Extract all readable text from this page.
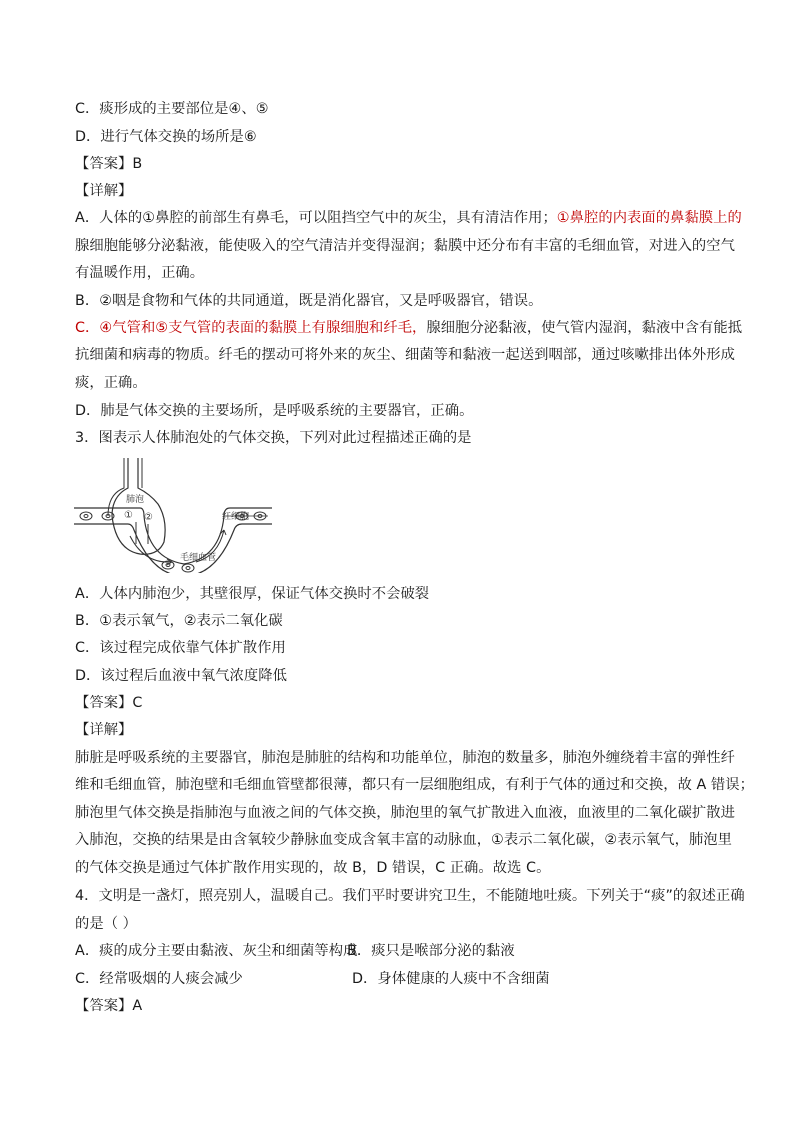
C．痰形成的主要部位是④、⑤
D．进行气体交换的场所是⑥
【答案】B
【详解】
A．人体的①鼻腔的前部生有鼻毛，可以阻挡空气中的灰尘，具有清洁作用；①鼻腔的内表面的鼻黏膜上的
腺细胞能够分泌黏液，能使吸入的空气清洁并变得湿润；黏膜中还分布有丰富的毛细血管，对进入的空气
有温暖作用，正确。
B．②咽是食物和气体的共同通道，既是消化器官，又是呼吸器官，错误。
C．④气管和⑤支气管的表面的黏膜上有腺细胞和纤毛，腺细胞分泌黏液，使气管内湿润，黏液中含有能抵
抗细菌和病毒的物质。纤毛的摆动可将外来的灰尘、细菌等和黏液一起送到咽部，通过咳嗽排出体外形成
痰，正确。
D．肺是气体交换的主要场所，是呼吸系统的主要器官，正确。
3．图表示人体肺泡处的气体交换，下列对此过程描述正确的是
肺泡
① ②	红细胞
毛细血管
A．人体内肺泡少，其壁很厚，保证气体交换时不会破裂
B．①表示氧气，②表示二氧化碳
C．该过程完成依靠气体扩散作用
D．该过程后血液中氧气浓度降低
【答案】C
【详解】
肺脏是呼吸系统的主要器官，肺泡是肺脏的结构和功能单位，肺泡的数量多，肺泡外缠绕着丰富的弹性纤
维和毛细血管，肺泡壁和毛细血管壁都很薄，都只有一层细胞组成，有利于气体的通过和交换，故 A 错误；
肺泡里气体交换是指肺泡与血液之间的气体交换，肺泡里的氧气扩散进入血液，血液里的二氧化碳扩散进
入肺泡，交换的结果是由含氧较少静脉血变成含氧丰富的动脉血，①表示二氧化碳，②表示氧气，肺泡里
的气体交换是通过气体扩散作用实现的，故 B，D 错误，C 正确。故选 C。
4．文明是一盏灯，照亮别人，温暖自己。我们平时要讲究卫生，不能随地吐痰。下列关于“痰”的叙述正确
的是（ ）
A．痰的成分主要由黏液、灰尘和细菌等构成
B．痰只是喉部分泌的黏液
C．经常吸烟的人痰会减少	D．身体健康的人痰中不含细菌
【答案】A
